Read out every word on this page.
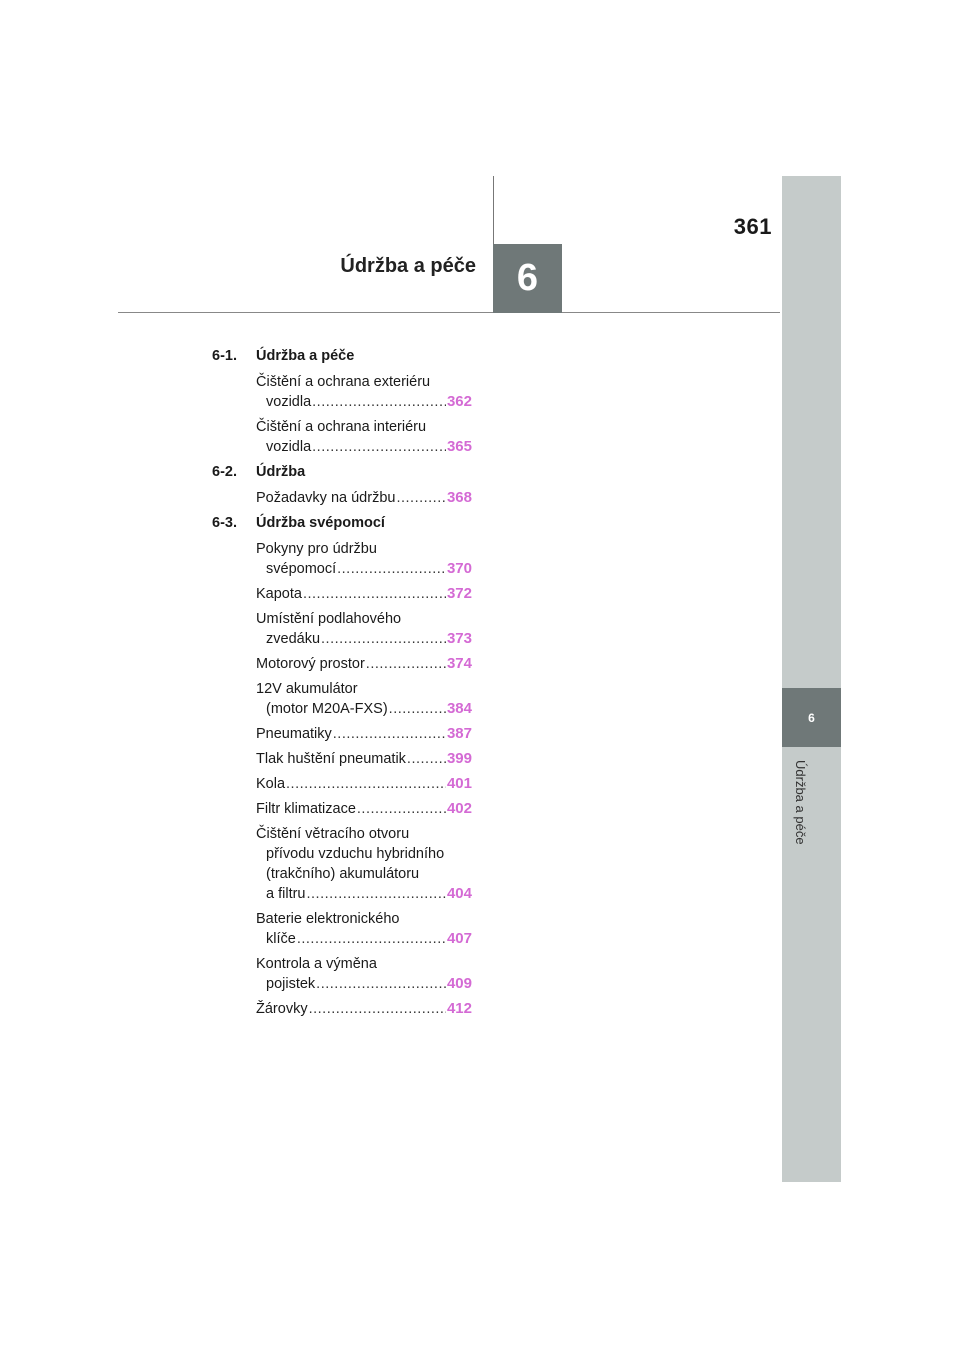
361
Údržba a péče	6
6
Údržba a péče
6-1.	Údržba a péče
Čištění a ochrana exteriéru
vozidla .....	362
Čištění a ochrana interiéru
vozidla .....	365
6-2.	Údržba
Požadavky na údržbu .....	368
6-3.	Údržba svépomocí
Pokyny pro údržbu
svépomocí .....	370
Kapota .....	372
Umístění podlahového
zvedáku .....	373
Motorový prostor .....	374
12V akumulátor
(motor M20A-FXS) .....	384
Pneumatiky .....	387
Tlak huštění pneumatik .....	399
Kola .....	401
Filtr klimatizace .....	402
Čištění větracího otvoru
přívodu vzduchu hybridního
(trakčního) akumulátoru
a filtru .....	404
Baterie elektronického
klíče .....	407
Kontrola a výměna
pojistek .....	409
Žárovky .....	412
